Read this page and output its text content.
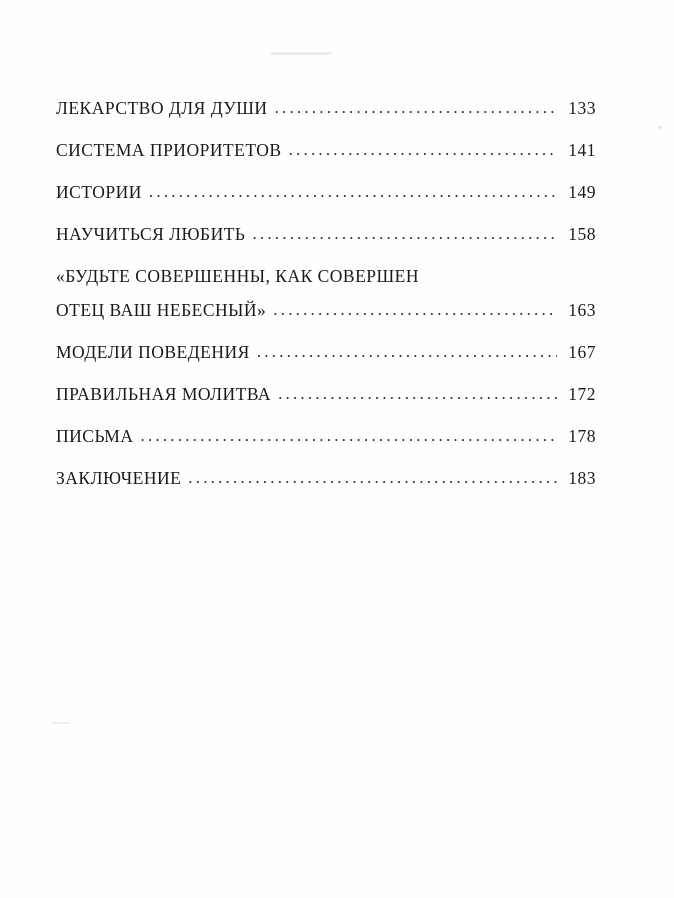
ЛЕКАРСТВО ДЛЯ ДУШИ .....	133
СИСТЕМА ПРИОРИТЕТОВ .....	141
ИСТОРИИ .....	149
НАУЧИТЬСЯ ЛЮБИТЬ .....	158
«БУДЬТЕ СОВЕРШЕННЫ, КАК СОВЕРШЕН
ОТЕЦ ВАШ НЕБЕСНЫЙ» .....	163
МОДЕЛИ ПОВЕДЕНИЯ .....	167
ПРАВИЛЬНАЯ МОЛИТВА .....	172
ПИСЬМА .....	178
ЗАКЛЮЧЕНИЕ .....	183
